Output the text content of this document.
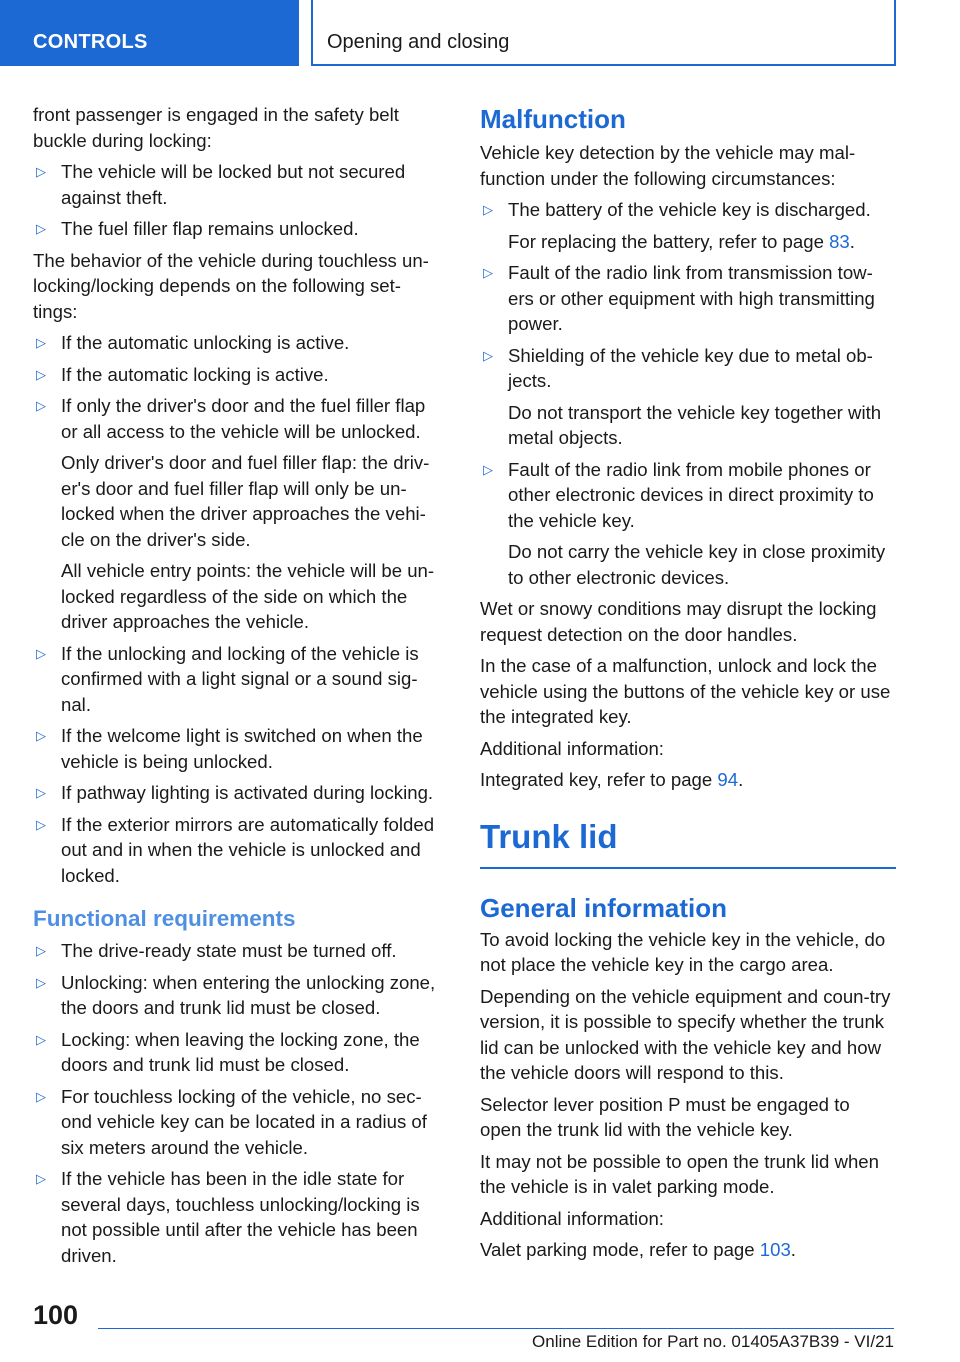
CONTROLS	Opening and closing

front passenger is engaged in the safety belt buckle during locking:

▷ The vehicle will be locked but not secured against theft.
▷ The fuel filler flap remains unlocked.

The behavior of the vehicle during touchless un-locking/locking depends on the following set-tings:

▷ If the automatic unlocking is active.
▷ If the automatic locking is active.
▷ If only the driver's door and the fuel filler flap or all access to the vehicle will be unlocked.

Only driver's door and fuel filler flap: the driv-er's door and fuel filler flap will only be un-locked when the driver approaches the vehi-cle on the driver's side.

All vehicle entry points: the vehicle will be un-locked regardless of the side on which the driver approaches the vehicle.

▷ If the unlocking and locking of the vehicle is confirmed with a light signal or a sound sig-nal.
▷ If the welcome light is switched on when the vehicle is being unlocked.
▷ If pathway lighting is activated during locking.
▷ If the exterior mirrors are automatically folded out and in when the vehicle is unlocked and locked.
Functional requirements
▷ The drive-ready state must be turned off.
▷ Unlocking: when entering the unlocking zone, the doors and trunk lid must be closed.
▷ Locking: when leaving the locking zone, the doors and trunk lid must be closed.
▷ For touchless locking of the vehicle, no sec-ond vehicle key can be located in a radius of six meters around the vehicle.
▷ If the vehicle has been in the idle state for several days, touchless unlocking/locking is not possible until after the vehicle has been driven.
Malfunction

Vehicle key detection by the vehicle may mal-function under the following circumstances:

▷ The battery of the vehicle key is discharged.

For replacing the battery, refer to page 83.

▷ Fault of the radio link from transmission tow-ers or other equipment with high transmitting power.
▷ Shielding of the vehicle key due to metal ob-jects.

Do not transport the vehicle key together with metal objects.

▷ Fault of the radio link from mobile phones or other electronic devices in direct proximity to the vehicle key.

Do not carry the vehicle key in close proximity to other electronic devices.

Wet or snowy conditions may disrupt the locking request detection on the door handles.

In the case of a malfunction, unlock and lock the vehicle using the buttons of the vehicle key or use the integrated key.

Additional information:

Integrated key, refer to page 94.

Trunk lid
General information

To avoid locking the vehicle key in the vehicle, do not place the vehicle key in the cargo area.

Depending on the vehicle equipment and coun-try version, it is possible to specify whether the trunk lid can be unlocked with the vehicle key and how the vehicle doors will respond to this.

Selector lever position P must be engaged to open the trunk lid with the vehicle key.

It may not be possible to open the trunk lid when the vehicle is in valet parking mode.

Additional information:

Valet parking mode, refer to page 103.

100
Online Edition for Part no. 01405A37B39 - VI/21
